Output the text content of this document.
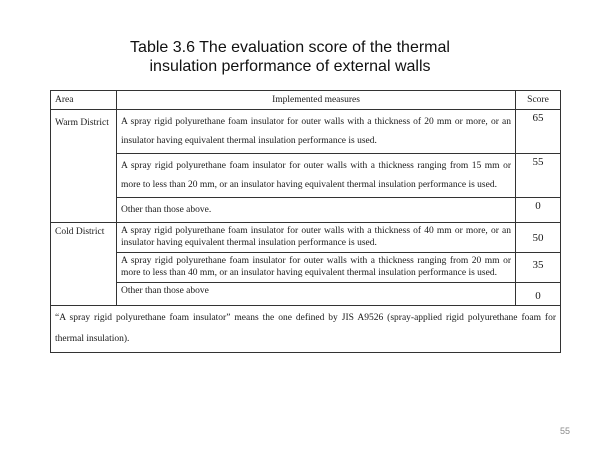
Table 3.6 The evaluation score of the thermal
insulation performance of external walls
Area	Implemented measures	Score
Warm District	A spray rigid polyurethane foam insulator for outer walls with a thickness of 20 mm or more, or an insulator having equivalent thermal insulation performance is used.	65
	A spray rigid polyurethane foam insulator for outer walls with a thickness ranging from 15 mm or more to less than 20 mm, or an insulator having equivalent thermal insulation performance is used.	55
	Other than those above.	0
Cold District	A spray rigid polyurethane foam insulator for outer walls with a thickness of 40 mm or more, or an insulator having equivalent thermal insulation performance is used.	50
	A spray rigid polyurethane foam insulator for outer walls with a thickness ranging from 20 mm or more to less than 40 mm, or an insulator having equivalent thermal insulation performance is used.	35
	Other than those above	0
“A spray rigid polyurethane foam insulator” means the one defined by JIS A9526 (spray-applied rigid polyurethane foam for thermal insulation).		
55
